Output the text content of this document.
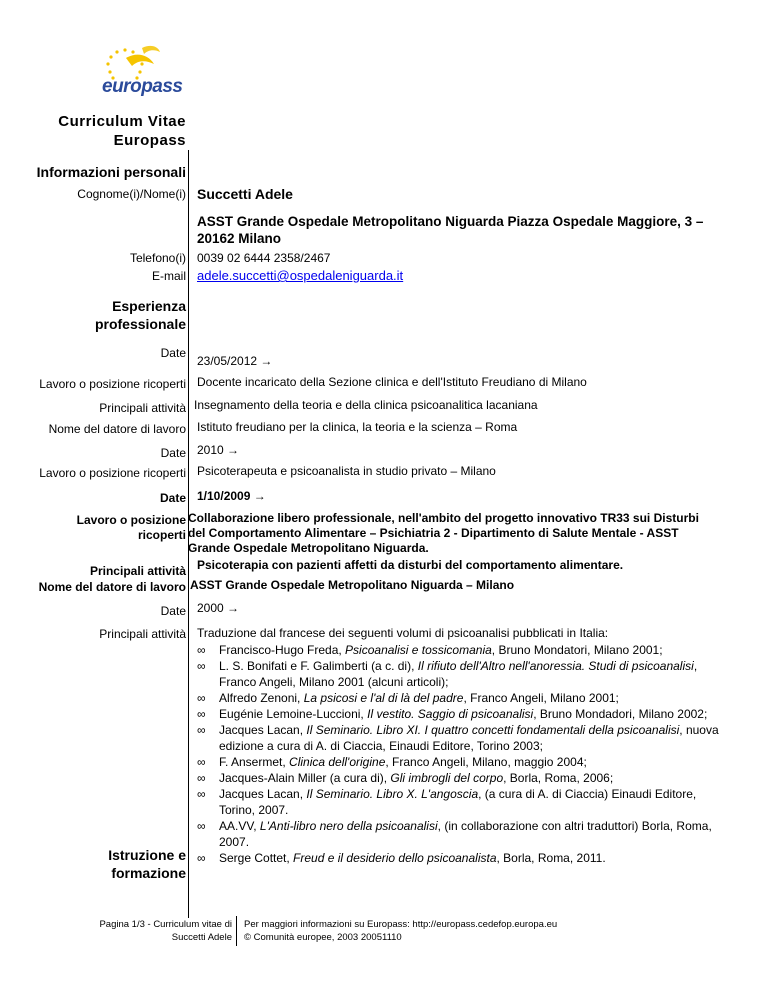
europass
Curriculum Vitae
Europass
Informazioni personali
Cognome(i)/Nome(i) Succetti Adele
ASST Grande Ospedale Metropolitano Niguarda Piazza Ospedale Maggiore, 3 – 20162 Milano
Telefono(i) 0039 02 6444 2358/2467
E-mail adele.succetti@ospedaleniguarda.it
Esperienza
professionale
Date
23/05/2012 →
Lavoro o posizione ricoperti Docente incaricato della Sezione clinica e dell'Istituto Freudiano di Milano
Principali attività Insegnamento della teoria e della clinica psicoanalitica lacaniana
Nome del datore di lavoro Istituto freudiano per la clinica, la teoria e la scienza – Roma
Date 2010 →
Lavoro o posizione ricoperti Psicoterapeuta e psicoanalista in studio privato – Milano
Date 1/10/2009 →
Lavoro o posizione
ricoperti
Collaborazione libero professionale, nell'ambito del progetto innovativo TR33 sui Disturbi del Comportamento Alimentare – Psichiatria 2 - Dipartimento di Salute Mentale - ASST Grande Ospedale Metropolitano Niguarda.
Principali attività Psicoterapia con pazienti affetti da disturbi del comportamento alimentare.
Nome del datore di lavoro ASST Grande Ospedale Metropolitano Niguarda – Milano
Date 2000 →
Principali attività Traduzione dal francese dei seguenti volumi di psicoanalisi pubblicati in Italia:
∞ Francisco-Hugo Freda, Psicoanalisi e tossicomania, Bruno Mondatori, Milano 2001;
∞ L. S. Bonifati e F. Galimberti (a c. di), Il rifiuto dell'Altro nell'anoressia. Studi di psicoanalisi, Franco Angeli, Milano 2001 (alcuni articoli);
∞ Alfredo Zenoni, La psicosi e l'al di là del padre, Franco Angeli, Milano 2001;
∞ Eugénie Lemoine-Luccioni, Il vestito. Saggio di psicoanalisi, Bruno Mondadori, Milano 2002;
∞ Jacques Lacan, Il Seminario. Libro XI. I quattro concetti fondamentali della psicoanalisi, nuova edizione a cura di A. di Ciaccia, Einaudi Editore, Torino 2003;
∞ F. Ansermet, Clinica dell'origine, Franco Angeli, Milano, maggio 2004;
∞ Jacques-Alain Miller (a cura di), Gli imbrogli del corpo, Borla, Roma, 2006;
∞ Jacques Lacan, Il Seminario. Libro X. L'angoscia, (a cura di A. di Ciaccia) Einaudi Editore, Torino, 2007.
∞ AA.VV, L'Anti-libro nero della psicoanalisi, (in collaborazione con altri traduttori) Borla, Roma, 2007.
∞ Serge Cottet, Freud e il desiderio dello psicoanalista, Borla, Roma, 2011.
Istruzione e
formazione
Pagina 1/3 - Curriculum vitae di
Succetti Adele
Per maggiori informazioni su Europass: http://europass.cedefop.europa.eu
© Comunità europee, 2003 20051110
